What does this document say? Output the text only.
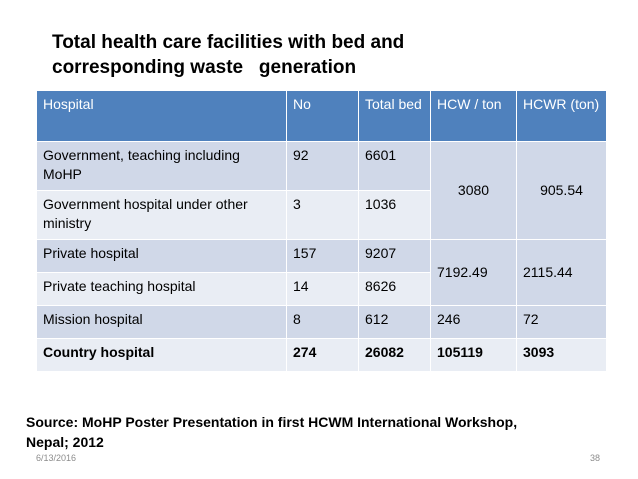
Total health care facilities with bed and
corresponding waste   generation
Hospital	No	Total bed	HCW / ton	HCWR (ton)
Government, teaching including MoHP	92	6601	3080	905.54
Government hospital under other ministry	3	1036		
Private hospital	157	9207	7192.49	2115.44
Private teaching hospital	14	8626		
Mission hospital	8	612	246	72
Country hospital	274	26082	105119	3093
Source: MoHP Poster Presentation in first HCWM International Workshop,
Nepal; 2012
6/13/2016	38
